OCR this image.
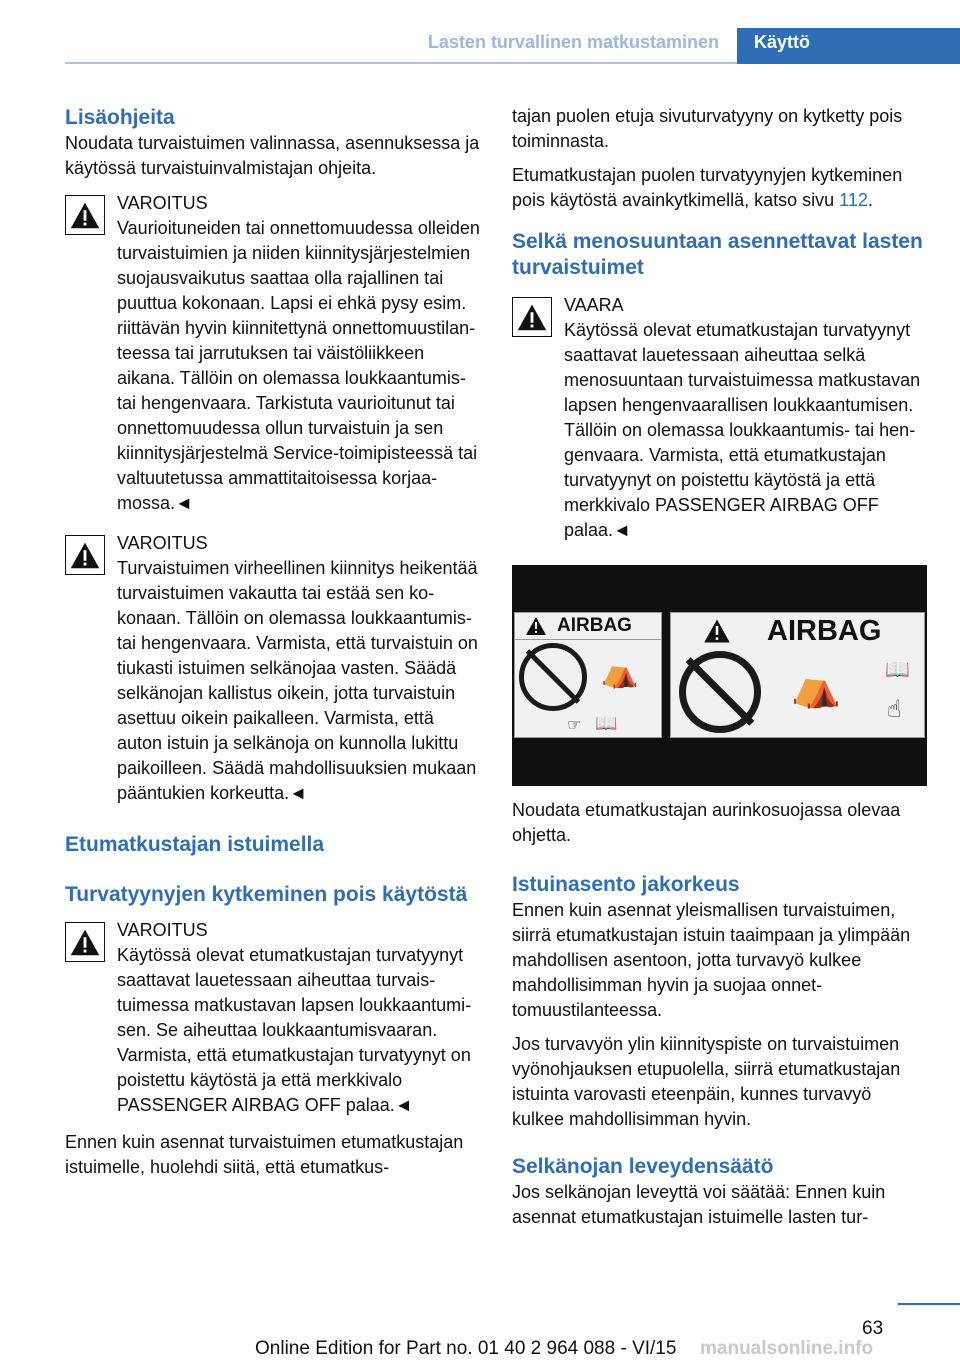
Lasten turvallinen matkustaminen Käyttö
Lisäohjeita

Noudata turvaistuimen valinnassa, asennuksessa ja käytössä turvaistuinvalmistajan ohjeita.

VAROITUS
Vaurioituneiden tai onnettomuudessa olleiden turvaistuimien ja niiden kiinnitysjärjestelmien suojausvaikutus saattaa olla rajallinen tai puuttua kokonaan. Lapsi ei ehkä pysy esim. riittävän hyvin kiinnitettynä onnettomuustilanteessa tai jarrutuksen tai väistöliikkeen aikana. Tällöin on olemassa loukkaantumis- tai hengenvaara. Tarkistuta vaurioitunut tai onnettomuudessa ollun turvaistuin ja sen kiinnitysjärjestelmä Service-toimipisteessä tai valtuutetussa ammattitaitoisessa korjaamossa.◄
VAROITUS
Turvaistuimen virheellinen kiinnitys heikentää turvaistuimen vakautta tai estää sen kokonaan. Tällöin on olemassa loukkaantumis- tai hengenvaara. Varmista, että turvaistuin on tiukasti istuimen selkänojaa vasten. Säädä selkänojan kallistus oikein, jotta turvaistuin asettuu oikein paikalleen. Varmista, että auton istuin ja selkänoja on kunnolla lukittu paikoilleen. Säädä mahdollisuuksien mukaan pääntukien korkeutta.◄
Etumatkustajan istuimella
Turvatyynyjen kytkeminen pois käytöstä
VAROITUS
Käytössä olevat etumatkustajan turvatyynyt saattavat lauetessaan aiheuttaa turvaistuimessa matkustavan lapsen loukkaantumisen. Se aiheuttaa loukkaantumisvaaran. Varmista, että etumatkustajan turvatyynyt on poistettu käytöstä ja että merkkivalo PASSENGER AIRBAG OFF palaa.◄

Ennen kuin asennat turvaistuimen etumatkustajan istuimelle, huolehdi siitä, että etumatkus-

tajan puolen etuja sivuturvatyyny on kytketty pois toiminnasta.

Etumatkustajan puolen turvatyynyjen kytkeminen pois käytöstä avainkytkimellä, katso sivu 112.

Selkä menosuuntaan asennettavat lasten turvaistuimet
VAARA
Käytössä olevat etumatkustajan turvatyynyt saattavat lauetessaan aiheuttaa selkä menosuuntaan turvaistuimessa matkustavan lapsen hengenvaarallisen loukkaantumisen. Tällöin on olemassa loukkaantumis- tai hengenvaara. Varmista, että etumatkustajan turvatyynyt on poistettu käytöstä ja että merkkivalo PASSENGER AIRBAG OFF palaa.◄
AIRBAG
⛺
☞ 📖
AIRBAG
⛺ 📖
☝

Noudata etumatkustajan aurinkosuojassa olevaa ohjetta.

Istuinasento jakorkeus

Ennen kuin asennat yleismallisen turvaistuimen, siirrä etumatkustajan istuin taaimpaan ja ylimpään mahdollisen asentoon, jotta turvavyö kulkee mahdollisimman hyvin ja suojaa onnettomuustilanteessa.

Jos turvavyön ylin kiinnityspiste on turvaistuimen vyönohjauksen etupuolella, siirrä etumatkustajan istuinta varovasti eteenpäin, kunnes turvavyö kulkee mahdollisimman hyvin.

Selkänojan leveydensäätö

Jos selkänojan leveyttä voi säätää: Ennen kuin asennat etumatkustajan istuimelle lasten tur-

63
Online Edition for Part no. 01 40 2 964 088 - VI/15 manualsonline.info
